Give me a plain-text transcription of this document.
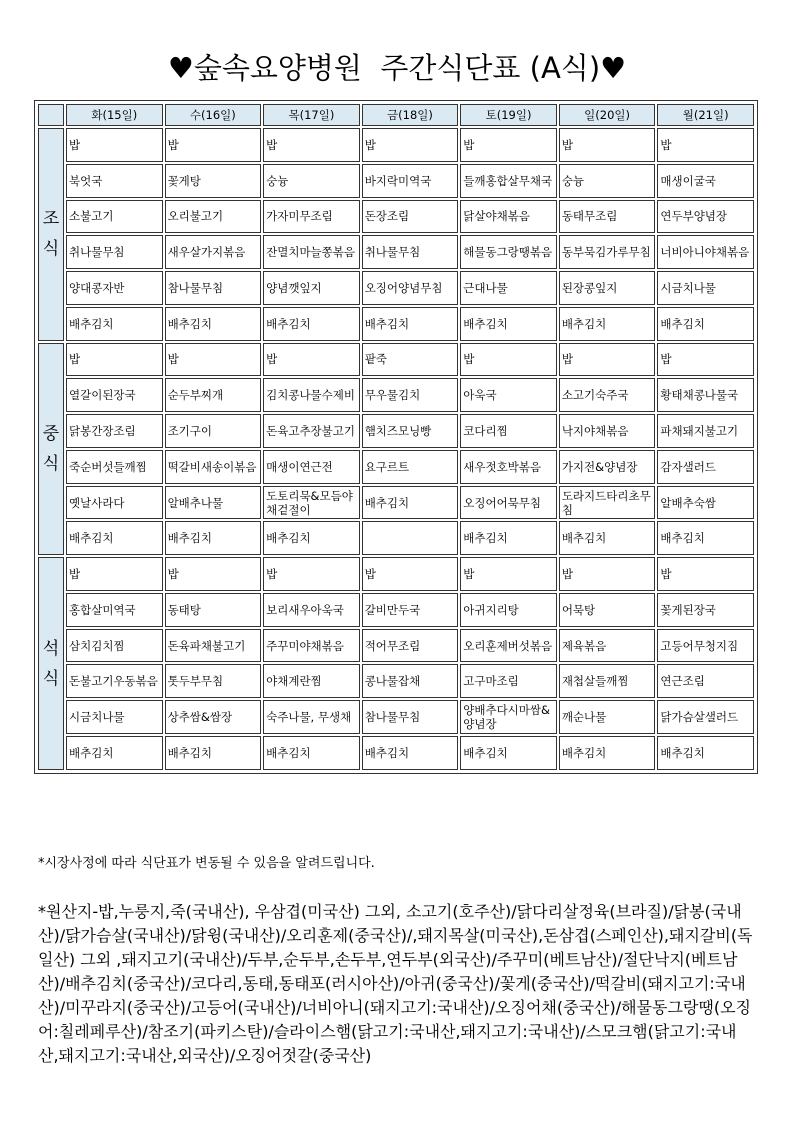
♥숲속요양병원  주간식단표 (A식)♥
	화(15일)	수(16일)	목(17일)	금(18일)	토(19일)	일(20일)	월(21일)

조
식	밥	밥	밥	밥	밥	밥	밥
	북엇국	꽃게탕	숭늉	바지락미역국	들깨홍합살무채국	숭늉	매생이굴국
	소불고기	오리불고기	가자미무조림	돈장조림	닭살야채볶음	동태무조림	연두부양념장
	취나물무침	새우살가지볶음	잔멸치마늘쫑볶음	취나물무침	해물동그랑땡볶음	동부묵김가루무침	너비아니야채볶음
	양대콩자반	참나물무침	양념깻잎지	오징어양념무침	근대나물	된장콩잎지	시금치나물
	배추김치	배추김치	배추김치	배추김치	배추김치	배추김치	배추김치

중
식	밥	밥	밥	팥죽	밥	밥	밥
	열갈이된장국	순두부찌개	김치콩나물수제비	무우물김치	아욱국	소고기숙주국	황태채콩나물국
	닭봉간장조림	조기구이	돈육고추장불고기	햄치즈모닝빵	코다리찜	낙지야채볶음	파채돼지불고기
	죽순버섯들깨찜	떡갈비새송이볶음	매생이연근전	요구르트	새우젓호박볶음	가지전&양념장	감자샐러드
	옛날사라다	알배추나물	도토리묵&모듬야채겉절이	배추김치	오징어어묵무침	도라지드타리초무침	알배추숙쌈
	배추김치	배추김치	배추김치		배추김치	배추김치	배추김치

석
식	밥	밥	밥	밥	밥	밥	밥
	홍합살미역국	동태탕	보리새우아욱국	갈비만두국	아귀지리탕	어묵탕	꽃게된장국
	삼치김치찜	돈육파채불고기	주꾸미야채볶음	적어무조림	오리훈제버섯볶음	제육볶음	고등어무청지짐
	돈불고기우동볶음	톳두부무침	야채계란찜	콩나물잡채	고구마조림	재첩살들깨찜	연근조림
	시금치나물	상추쌈&쌈장	숙주나물, 무생채	참나물무침	양배추다시마쌈&양념장	깨순나물	닭가슴살샐러드
	배추김치	배추김치	배추김치	배추김치	배추김치	배추김치	배추김치
*시장사정에 따라 식단표가 변동될 수 있음을 알려드립니다.
*원산지-밥,누룽지,죽(국내산), 우삼겹(미국산) 그외, 소고기(호주산)/닭다리살정육(브라질)/닭봉(국내산)/닭가슴살(국내산)/닭윙(국내산)/오리훈제(중국산)/,돼지목살(미국산),돈삼겹(스페인산),돼지갈비(독일산) 그외 ,돼지고기(국내산)/두부,순두부,손두부,연두부(외국산)/주꾸미(베트남산)/절단낙지(베트남산)/배추김치(중국산)/코다리,동태,동태포(러시아산)/아귀(중국산)/꽃게(중국산)/떡갈비(돼지고기:국내산)/미꾸라지(중국산)/고등어(국내산)/너비아니(돼지고기:국내산)/오징어채(중국산)/해물동그랑땡(오징어:칠레페루산)/참조기(파키스탄)/슬라이스햄(닭고기:국내산,돼지고기:국내산)/스모크햄(닭고기:국내산,돼지고기:국내산,외국산)/오징어젓갈(중국산)
